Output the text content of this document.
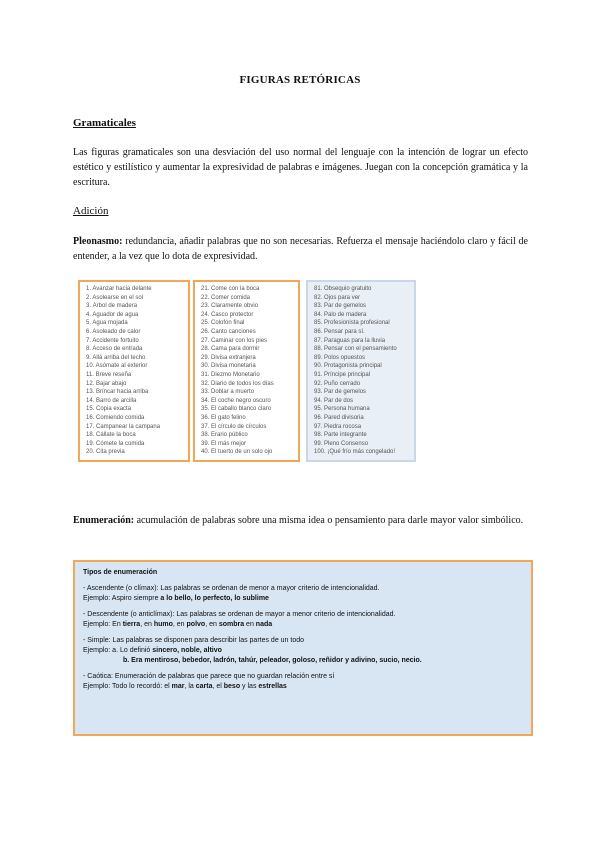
FIGURAS RETÓRICAS
Gramaticales
Las figuras gramaticales son una desviación del uso normal del lenguaje con la intención de lograr un efecto estético y estilístico y aumentar la expresividad de palabras e imágenes. Juegan con la concepción gramática y la escritura.
Adición
Pleonasmo: redundancia, añadir palabras que no son necesarias. Refuerza el mensaje haciéndolo claro y fácil de entender, a la vez que lo dota de expresividad.
1. Avanzar hacia delante
2. Asolearse en el sol
3. Árbol de madera
4. Aguador de agua
5. Agua mojada
6. Asoleado de calor
7. Accidente fortuito
8. Acceso de entrada
9. Allá arriba del techo
10. Asómate al exterior
11. Breve reseña
12. Bajar abajo
13. Bríncar hacia arriba
14. Barro de arcilla
15. Copia exacta
16. Comiendo comida
17. Campanear la campana
18. Cállate la boca
19. Cómete la comida
20. Cita previa
21. Come con la boca
22. Comer comida
23. Claramente obvio
24. Casco protector
25. Colofón final
26. Canto canciones
27. Caminar con los pies
28. Cama para dormir
29. Divisa extranjera
30. Divisa monetaria
31. Diezmo Monetario
32. Diario de todos los días
33. Doblar a muerto
34. El coche negro oscuro
35. El caballo blanco claro
36. El gato felino
37. El círculo de círculos
38. Erario público
39. El más mejor
40. El tuerto de un solo ojo
81. Obsequio gratuito
82. Ojos para ver
83. Par de gemelos
84. Palo de madera
85. Profesionista profesional
86. Pensar para sí.
87. Paraguas para la lluvia
88. Pensar con el pensamiento
89. Polos opuestos
90. Protagonista principal
91. Príncipe principal
92. Puño cerrado
93. Par de gemelos
94. Par de dos
95. Persona humana
96. Pared divisoria
97. Piedra rocosa
98. Parte integrante
99. Pleno Consenso
100. ¡Qué frío más congelado!
Enumeración: acumulación de palabras sobre una misma idea o pensamiento para darle mayor valor simbólico.
Tipos de enumeración
- Ascendente (o clímax): Las palabras se ordenan de menor a mayor criterio de intencionalidad.
Ejemplo: Aspiro siempre a lo bello, lo perfecto, lo sublime
- Descendente (o anticlímax): Las palabras se ordenan de mayor a menor criterio de intencionalidad.
Ejemplo: En tierra, en humo, en polvo, en sombra en nada
- Simple: Las palabras se disponen para describir las partes de un todo
Ejemplo: a. Lo definió sincero, noble, altivo
b. Era mentiroso, bebedor, ladrón, tahúr, peleador, goloso, reñidor y adivino, sucio, necio.
- Caótica: Enumeración de palabras que parece que no guardan relación entre sí
Ejemplo: Todo lo recordó: el mar, la carta, el beso y las estrellas
